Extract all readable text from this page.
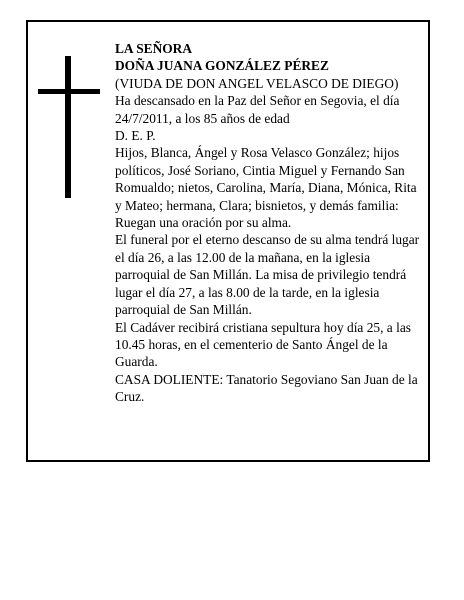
LA SEÑORA

DOÑA JUANA GONZÁLEZ PÉREZ

(VIUDA DE DON ANGEL VELASCO DE DIEGO)

Ha descansado en la Paz del Señor en Segovia, el día 24/7/2011, a los 85 años de edad

D. E. P.

Hijos, Blanca, Ángel y Rosa Velasco González; hijos políticos, José Soriano, Cintia Miguel y Fernando San Romualdo; nietos, Carolina, María, Diana, Mónica, Rita y Mateo; hermana, Clara; bisnietos, y demás familia:

Ruegan una oración por su alma.

El funeral por el eterno descanso de su alma tendrá lugar el día 26, a las 12.00 de la mañana, en la iglesia parroquial de San Millán. La misa de privilegio tendrá lugar el día 27, a las 8.00 de la tarde, en la iglesia parroquial de San Millán.

El Cadáver recibirá cristiana sepultura hoy día 25, a las 10.45 horas, en el cementerio de Santo Ángel de la Guarda.

CASA DOLIENTE: Tanatorio Segoviano San Juan de la Cruz.
